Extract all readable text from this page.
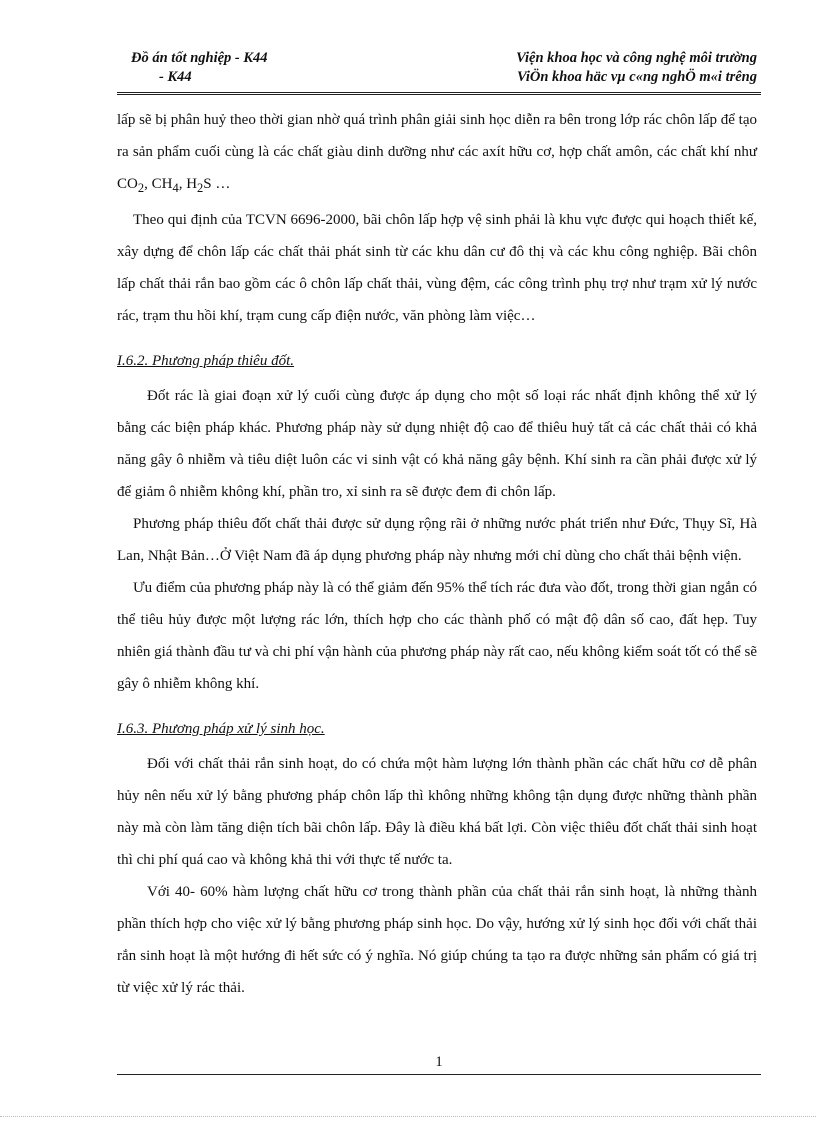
Đồ án tốt nghiệp - K44	Viện khoa học và công nghệ môi trường
- K44	ViÖn khoa häc vµ c«ng nghÖ m«i trêng

lấp sẽ bị phân huỷ theo thời gian nhờ quá trình phân giải sinh học diễn ra bên trong lớp rác chôn lấp để tạo ra sản phẩm cuối cùng là các chất giàu dinh dưỡng như các axít hữu cơ, hợp chất amôn, các chất khí như $CO_2$, $CH_4$, $H_2S$ …

Theo qui định của TCVN 6696-2000, bãi chôn lấp hợp vệ sinh phải là khu vực được qui hoạch thiết kế, xây dựng để chôn lấp các chất thải phát sinh từ các khu dân cư đô thị và các khu công nghiệp. Bãi chôn lấp chất thải rắn bao gồm các ô chôn lấp chất thải, vùng đệm, các công trình phụ trợ như trạm xử lý nước rác, trạm thu hồi khí, trạm cung cấp điện nước, văn phòng làm việc…

I.6.2. Phương pháp thiêu đốt.

Đốt rác là giai đoạn xử lý cuối cùng được áp dụng cho một số loại rác nhất định không thể xử lý bằng các biện pháp khác. Phương pháp này sử dụng nhiệt độ cao để thiêu huỷ tất cả các chất thải có khả năng gây ô nhiễm và tiêu diệt luôn các vi sinh vật có khả năng gây bệnh. Khí sinh ra cần phải được xử lý để giảm ô nhiễm không khí, phần tro, xỉ sinh ra sẽ được đem đi chôn lấp.

Phương pháp thiêu đốt chất thải được sử dụng rộng rãi ở những nước phát triển như Đức, Thụy Sĩ, Hà Lan, Nhật Bản…Ở Việt Nam đã áp dụng phương pháp này nhưng mới chỉ dùng cho chất thải bệnh viện.

Ưu điểm của phương pháp này là có thể giảm đến 95% thể tích rác đưa vào đốt, trong thời gian ngắn có thể tiêu hủy được một lượng rác lớn, thích hợp cho các thành phố có mật độ dân số cao, đất hẹp. Tuy nhiên giá thành đầu tư và chi phí vận hành của phương pháp này rất cao, nếu không kiểm soát tốt có thể sẽ gây ô nhiễm không khí.

I.6.3. Phương pháp xử lý sinh học.

Đối với chất thải rắn sinh hoạt, do có chứa một hàm lượng lớn thành phần các chất hữu cơ dễ phân hủy nên nếu xử lý bằng phương pháp chôn lấp thì không những không tận dụng được những thành phần này mà còn làm tăng diện tích bãi chôn lấp. Đây là điều khá bất lợi. Còn việc thiêu đốt chất thải sinh hoạt thì chi phí quá cao và không khả thi với thực tế nước ta.

Với 40- 60% hàm lượng chất hữu cơ trong thành phần của chất thải rắn sinh hoạt, là những thành phần thích hợp cho việc xử lý bằng phương pháp sinh học. Do vậy, hướng xử lý sinh học đối với chất thải rắn sinh hoạt là một hướng đi hết sức có ý nghĩa. Nó giúp chúng ta tạo ra được những sản phẩm có giá trị từ việc xử lý rác thải.

1
